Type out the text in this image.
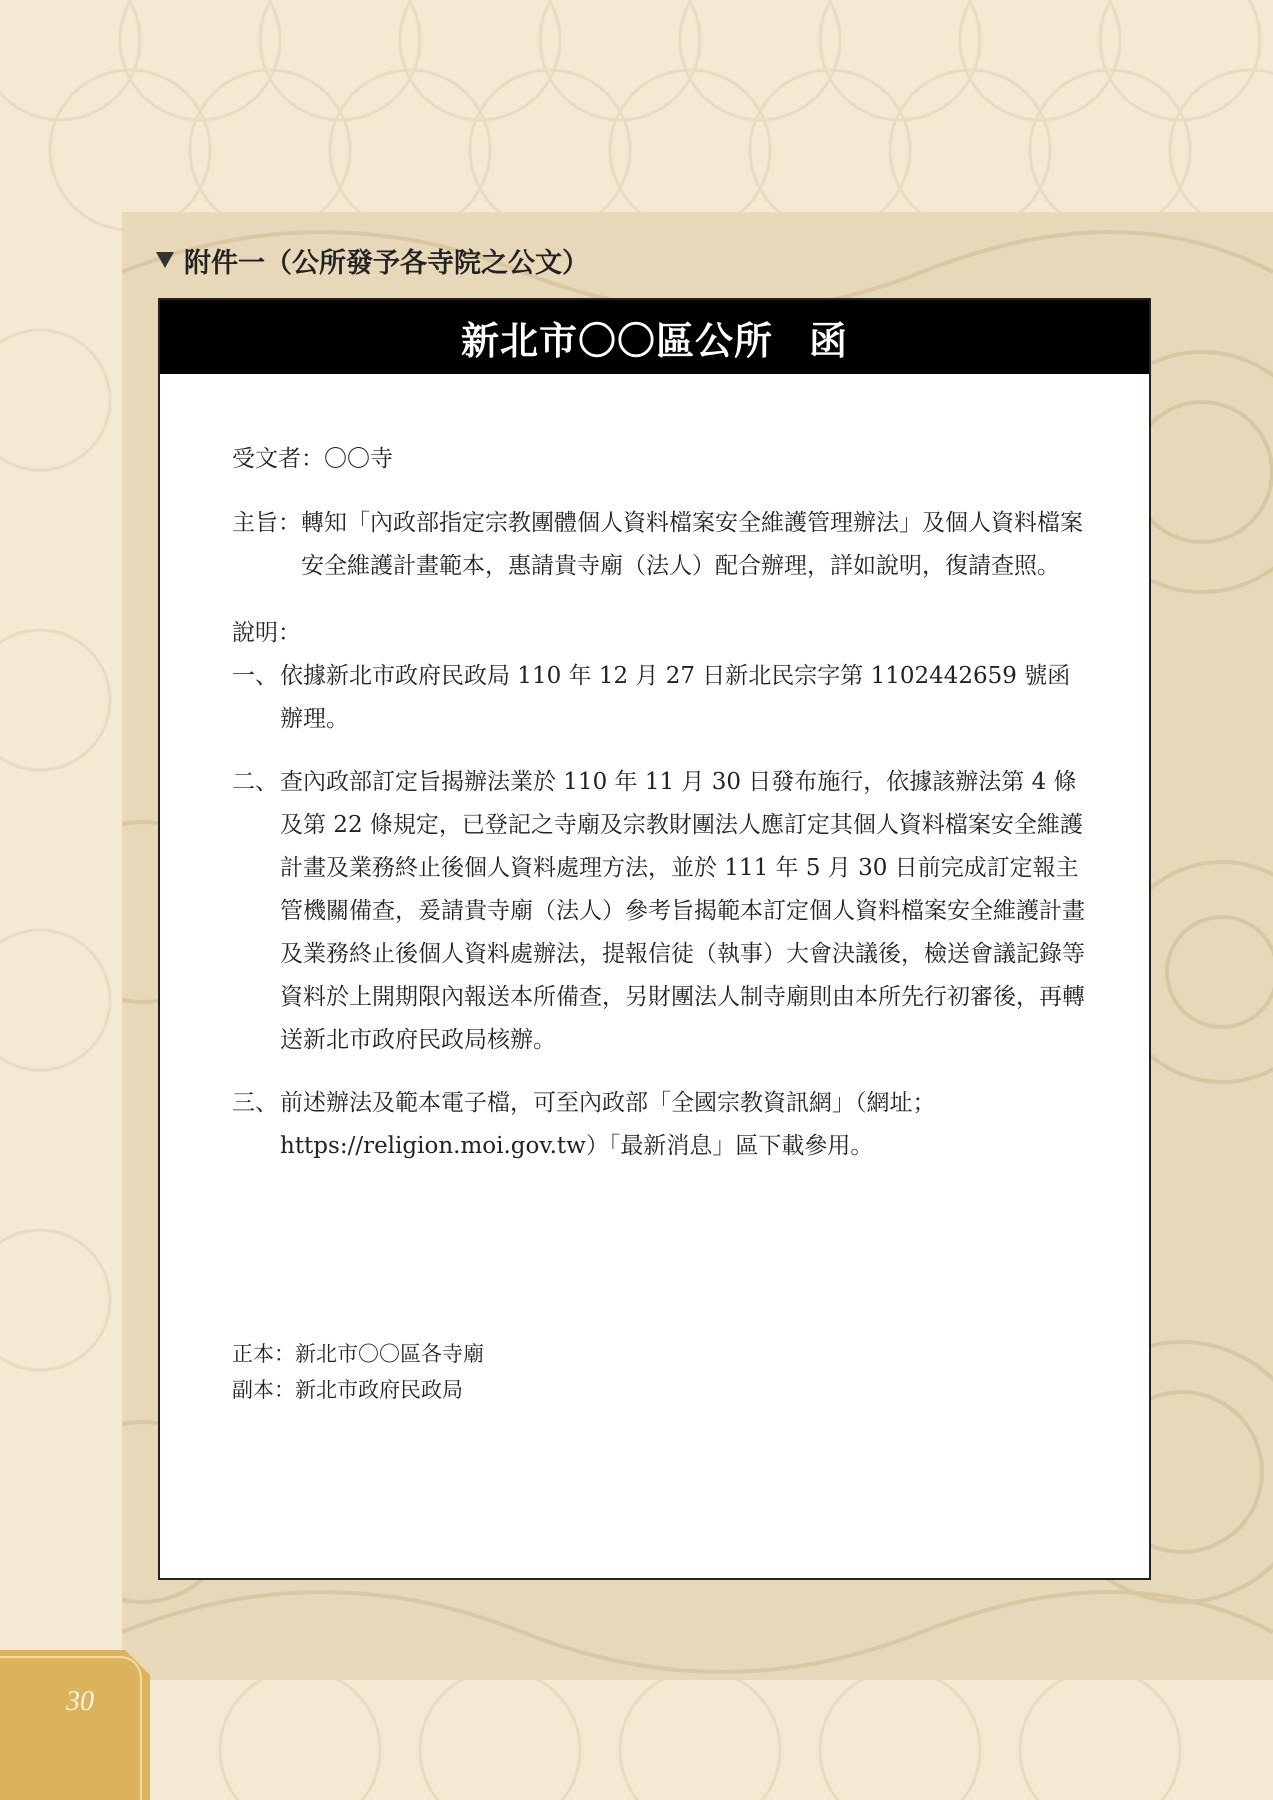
附件一（公所發予各寺院之公文）
新北市〇〇區公所 函

受文者：〇〇寺

主旨： 轉知「內政部指定宗教團體個人資料檔案安全維護管理辦法」及個人資料檔案安全維護計畫範本，惠請貴寺廟（法人）配合辦理，詳如說明，復請查照。

說明：

一、 依據新北市政府民政局 110 年 12 月 27 日新北民宗字第 1102442659 號函辦理。
二、 查內政部訂定旨揭辦法業於 110 年 11 月 30 日發布施行，依據該辦法第 4 條及第 22 條規定，已登記之寺廟及宗教財團法人應訂定其個人資料檔案安全維護計畫及業務終止後個人資料處理方法，並於 111 年 5 月 30 日前完成訂定報主管機關備查，爰請貴寺廟（法人）參考旨揭範本訂定個人資料檔案安全維護計畫及業務終止後個人資料處辦法，提報信徒（執事）大會決議後，檢送會議記錄等資料於上開期限內報送本所備查，另財團法人制寺廟則由本所先行初審後，再轉送新北市政府民政局核辦。
三、 前述辦法及範本電子檔，可至內政部「全國宗教資訊網」（網址；https://religion.moi.gov.tw）「最新消息」區下載參用。
正本：新北市〇〇區各寺廟
副本：新北市政府民政局
30
